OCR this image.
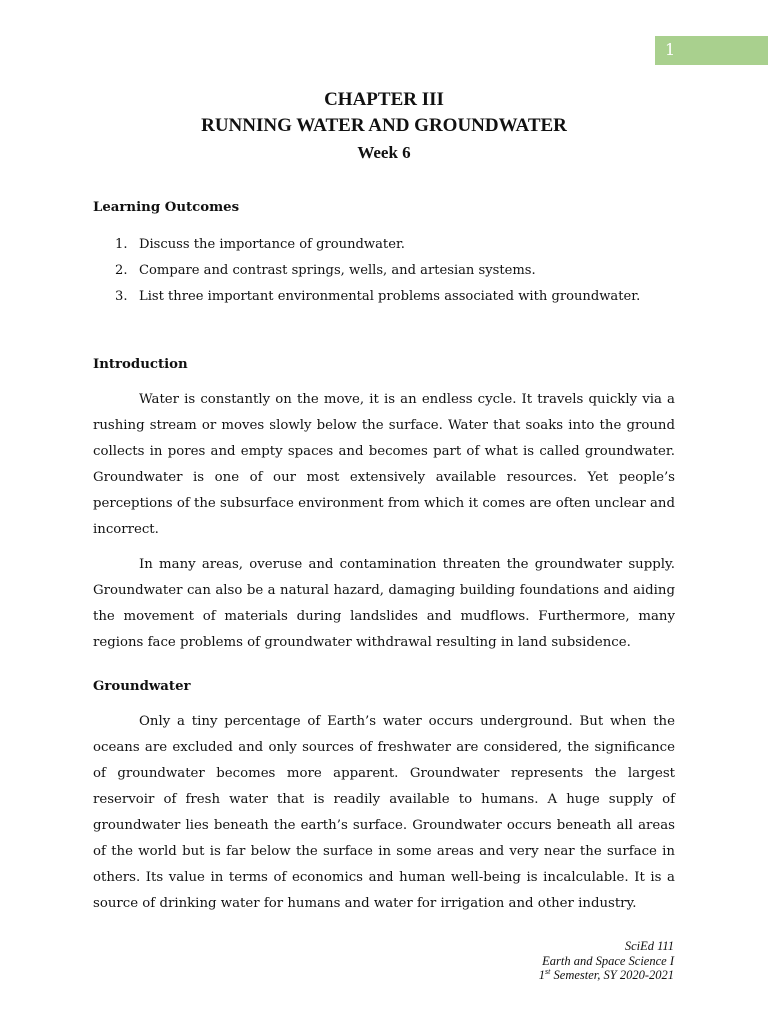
1

CHAPTER III

RUNNING WATER AND GROUNDWATER

Week 6

Learning Outcomes
1. Discuss the importance of groundwater.
2. Compare and contrast springs, wells, and artesian systems.
3. List three important environmental problems associated with groundwater.
Introduction

Water is constantly on the move, it is an endless cycle. It travels quickly via a rushing stream or moves slowly below the surface. Water that soaks into the ground collects in pores and empty spaces and becomes part of what is called groundwater. Groundwater is one of our most extensively available resources. Yet people’s perceptions of the subsurface environment from which it comes are often unclear and incorrect.

In many areas, overuse and contamination threaten the groundwater supply. Groundwater can also be a natural hazard, damaging building foundations and aiding the movement of materials during landslides and mudflows. Furthermore, many regions face problems of groundwater withdrawal resulting in land subsidence.

Groundwater

Only a tiny percentage of Earth’s water occurs underground. But when the oceans are excluded and only sources of freshwater are considered, the significance of groundwater becomes more apparent. Groundwater represents the largest reservoir of fresh water that is readily available to humans. A huge supply of groundwater lies beneath the earth’s surface. Groundwater occurs beneath all areas of the world but is far below the surface in some areas and very near the surface in others. Its value in terms of economics and human well-being is incalculable. It is a source of drinking water for humans and water for irrigation and other industry.

SciEd 111
Earth and Space Science I
1st Semester, SY 2020-2021
